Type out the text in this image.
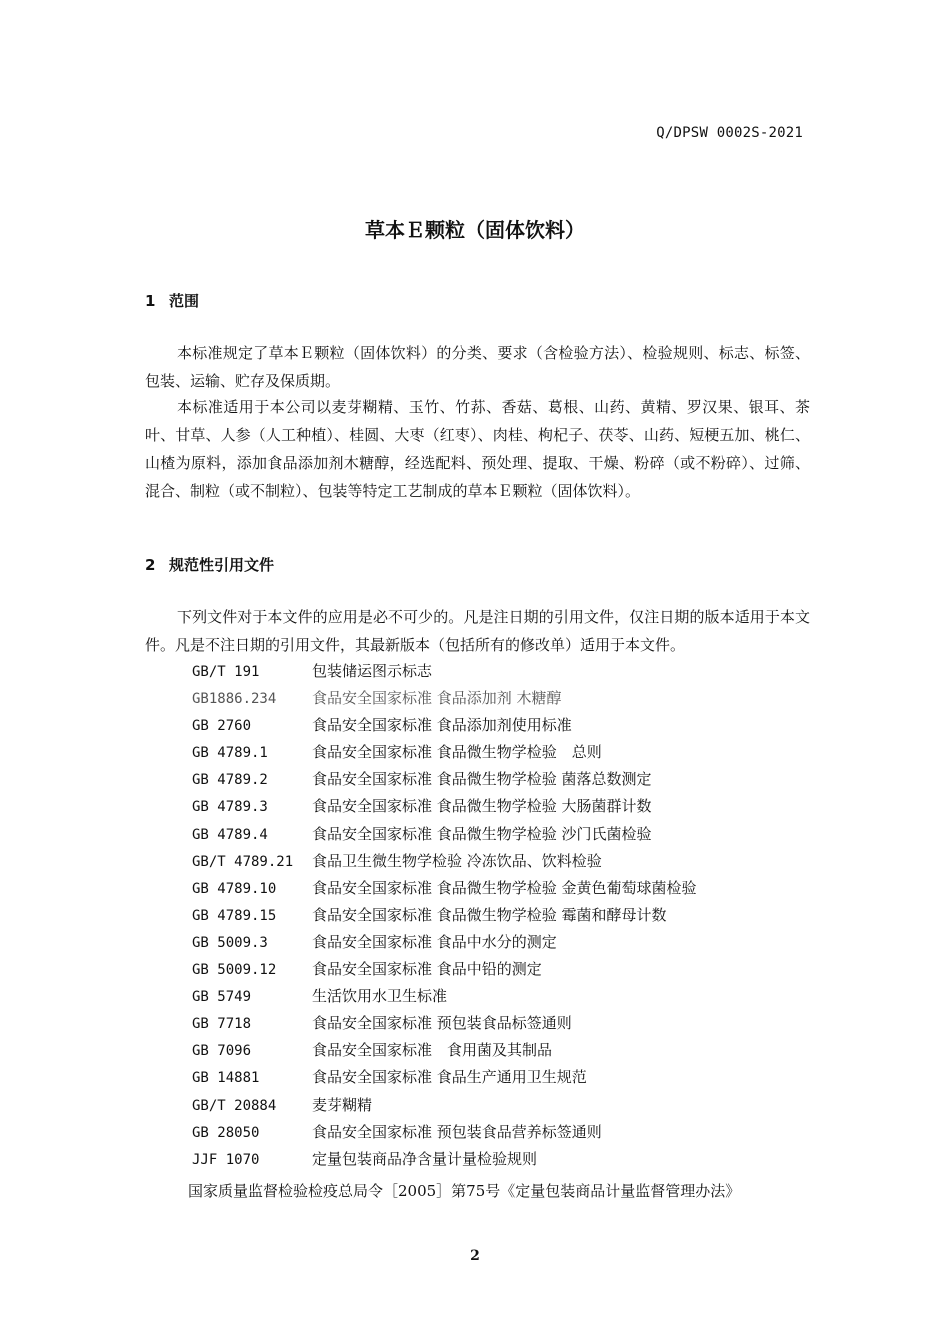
Q/DPSW 0002S-2021
草本Ｅ颗粒（固体饮料）
1 范围
本标准规定了草本Ｅ颗粒（固体饮料）的分类、要求（含检验方法）、检验规则、标志、标签、包装、运输、贮存及保质期。
本标准适用于本公司以麦芽糊精、玉竹、竹荪、香菇、葛根、山药、黄精、罗汉果、银耳、茶叶、甘草、人参（人工种植）、桂圆、大枣（红枣）、肉桂、枸杞子、茯苓、山药、短梗五加、桃仁、山楂为原料，添加食品添加剂木糖醇，经选配料、预处理、提取、干燥、粉碎（或不粉碎）、过筛、混合、制粒（或不制粒）、包装等特定工艺制成的草本Ｅ颗粒（固体饮料）。
2 规范性引用文件
下列文件对于本文件的应用是必不可少的。凡是注日期的引用文件，仅注日期的版本适用于本文件。凡是不注日期的引用文件，其最新版本（包括所有的修改单）适用于本文件。
GB/T 191	包装储运图示标志
GB1886.234 食品安全国家标准 食品添加剂 木糖醇
GB 2760	食品安全国家标准 食品添加剂使用标准
GB 4789.1	食品安全国家标准 食品微生物学检验　总则
GB 4789.2	食品安全国家标准 食品微生物学检验 菌落总数测定
GB 4789.3	食品安全国家标准 食品微生物学检验 大肠菌群计数
GB 4789.4	食品安全国家标准 食品微生物学检验 沙门氏菌检验
GB/T 4789.21 食品卫生微生物学检验 冷冻饮品、饮料检验
GB 4789.10 食品安全国家标准 食品微生物学检验 金黄色葡萄球菌检验
GB 4789.15 食品安全国家标准 食品微生物学检验 霉菌和酵母计数
GB 5009.3	食品安全国家标准 食品中水分的测定
GB 5009.12 食品安全国家标准 食品中铅的测定
GB 5749	生活饮用水卫生标准
GB 7718	食品安全国家标准 预包装食品标签通则
GB 7096	食品安全国家标准　食用菌及其制品
GB 14881	食品安全国家标准 食品生产通用卫生规范
GB/T 20884 麦芽糊精
GB 28050	食品安全国家标准 预包装食品营养标签通则
JJF 1070	定量包装商品净含量计量检验规则
国家质量监督检验检疫总局令［2005］第75号《定量包装商品计量监督管理办法》
2
